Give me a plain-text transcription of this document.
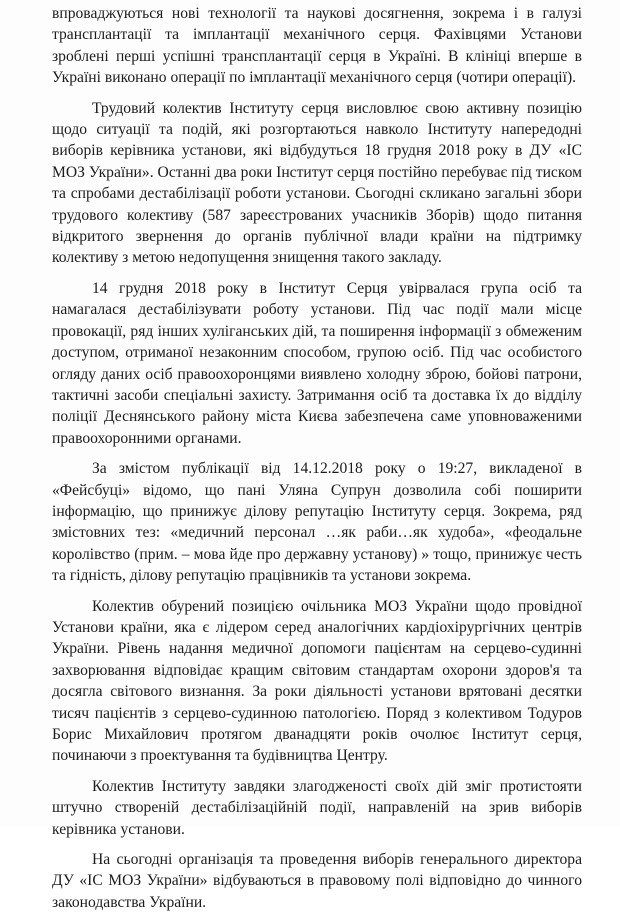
впроваджуються нові технології та наукові досягнення, зокрема і в галузі трансплантації та імплантації механічного серця. Фахівцями Установи зроблені перші успішні трансплантації серця в Україні. В клініці вперше в Україні виконано операції по імплантації механічного серця (чотири операції).

Трудовий колектив Інституту серця висловлює свою активну позицію щодо ситуації та подій, які розгортаються навколо Інституту напередодні виборів керівника установи, які відбудуться 18 грудня 2018 року в ДУ «ІС МОЗ України». Останні два роки Інститут серця постійно перебуває під тиском та спробами дестабілізації роботи установи. Сьогодні скликано загальні збори трудового колективу (587 зареєстрованих учасників Зборів) щодо питання відкритого звернення до органів публічної влади країни на підтримку колективу з метою недопущення знищення такого закладу.

14 грудня 2018 року в Інститут Серця увірвалася група осіб та намагалася дестабілізувати роботу установи. Під час події мали місце провокації, ряд інших хуліганських дій, та поширення інформації з обмеженим доступом, отриманої незаконним способом, групою осіб. Під час особистого огляду даних осіб правоохоронцями виявлено холодну зброю, бойові патрони, тактичні засоби спеціальні захисту. Затримання осіб та доставка їх до відділу поліції Деснянського району міста Києва забезпечена саме уповноваженими правоохоронними органами.

За змістом публікації від 14.12.2018 року о 19:27, викладеної в «Фейсбуці» відомо, що пані Уляна Супрун дозволила собі поширити інформацію, що принижує ділову репутацію Інституту серця. Зокрема, ряд змістовних тез: «медичний персонал …як раби…як худоба», «феодальне королівство (прим. – мова йде про державну установу) » тощо, принижує честь та гідність, ділову репутацію працівників та установи зокрема.

Колектив обурений позицією очільника МОЗ України щодо провідної Установи країни, яка є лідером серед аналогічних кардіохірургічних центрів України. Рівень надання медичної допомоги пацієнтам на серцево-судинні захворювання відповідає кращим світовим стандартам охорони здоров'я та досягла світового визнання. За роки діяльності установи врятовані десятки тисяч пацієнтів з серцево-судинною патологією. Поряд з колективом Тодуров Борис Михайлович протягом дванадцяти років очолює Інститут серця, починаючи з проектування та будівництва Центру.

Колектив Інституту завдяки злагодженості своїх дій зміг протистояти штучно створеній дестабілізаційній події, направленій на зрив виборів керівника установи.

На сьогодні організація та проведення виборів генерального директора ДУ «ІС МОЗ України» відбуваються в правовому полі відповідно до чинного законодавства України.
